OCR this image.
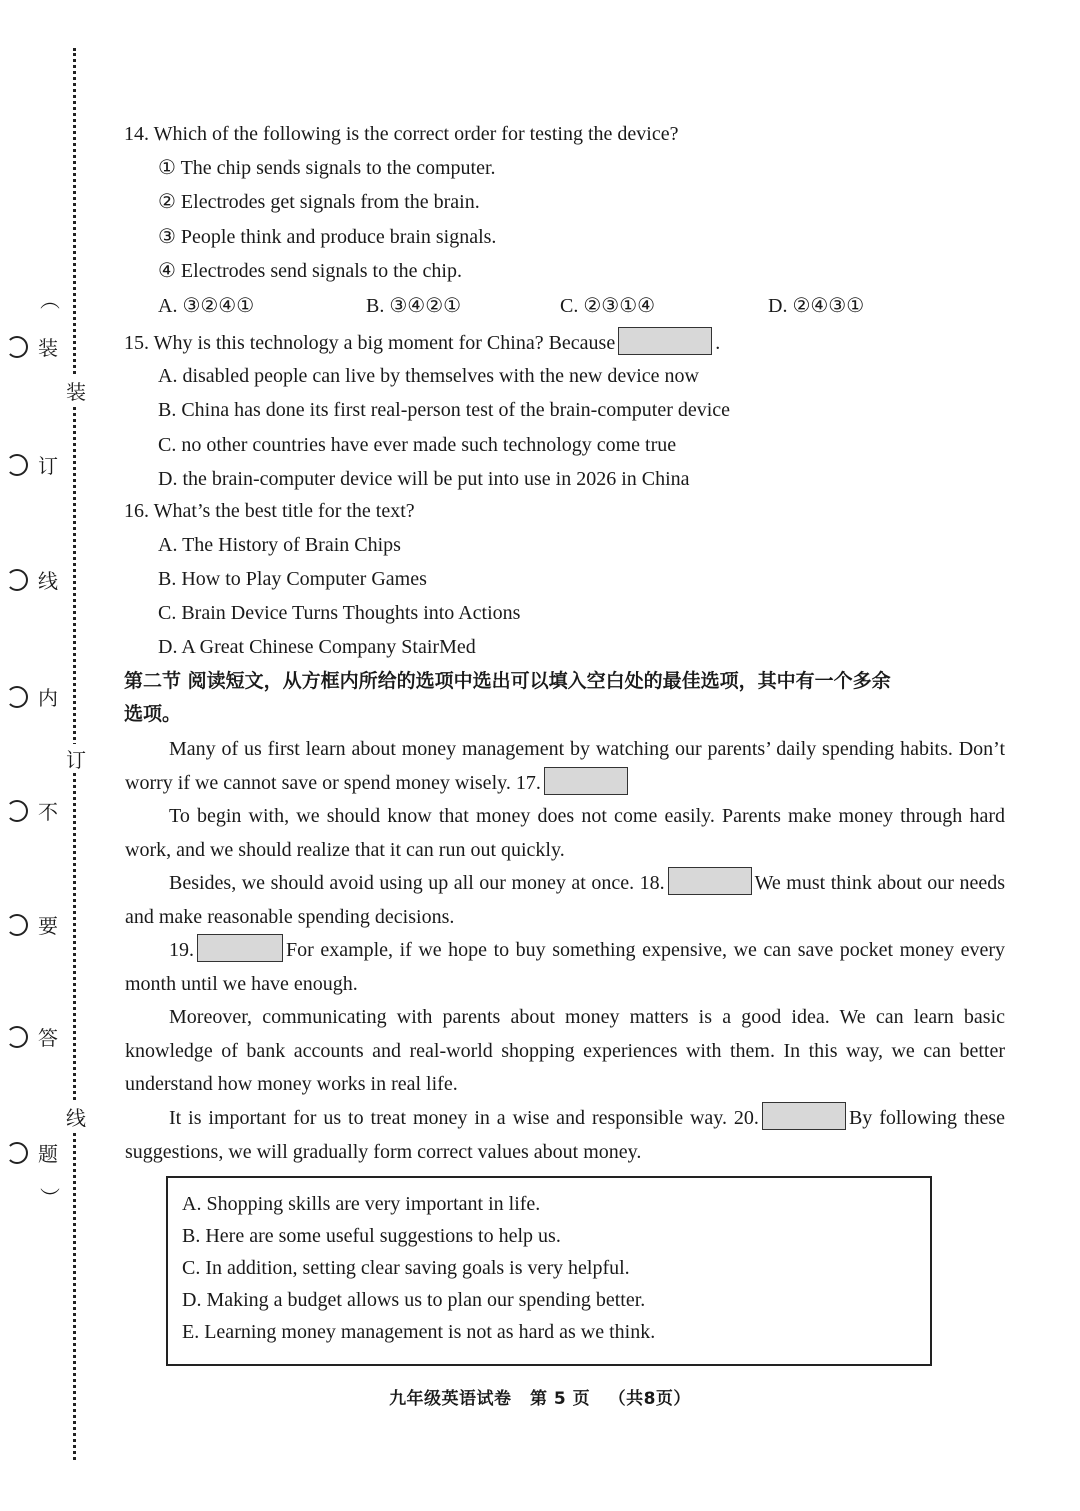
︵
装
订
线
内
不
要
答
题
︶
装
订
线
14. Which of the following is the correct order for testing the device?
① The chip sends signals to the computer.
② Electrodes get signals from the brain.
③ People think and produce brain signals.
④ Electrodes send signals to the chip.
A. ③②④①	B. ③④②①	C. ②③①④	D. ②④③①
15. Why is this technology a big moment for China? Because	.
A. disabled people can live by themselves with the new device now
B. China has done its first real-person test of the brain-computer device
C. no other countries have ever made such technology come true
D. the brain-computer device will be put into use in 2026 in China
16. What’s the best title for the text?
A. The History of Brain Chips
B. How to Play Computer Games
C. Brain Device Turns Thoughts into Actions
D. A Great Chinese Company StairMed
第二节 阅读短文，从方框内所给的选项中选出可以填入空白处的最佳选项，其中有一个多余
选项。
Many of us first learn about money management by watching our parents’ daily spending habits. Don’t worry if we cannot save or spend money wisely. 17.
To begin with, we should know that money does not come easily. Parents make money through hard work, and we should realize that it can run out quickly.
Besides, we should avoid using up all our money at once. 18.	We must think about our needs and make reasonable spending decisions.
19.	For example, if we hope to buy something expensive, we can save pocket money every month until we have enough.
Moreover, communicating with parents about money matters is a good idea. We can learn basic knowledge of bank accounts and real-world shopping experiences with them. In this way, we can better understand how money works in real life.
It is important for us to treat money in a wise and responsible way. 20.	By following these suggestions, we will gradually form correct values about money.
A. Shopping skills are very important in life.
B. Here are some useful suggestions to help us.
C. In addition, setting clear saving goals is very helpful.
D. Making a budget allows us to plan our spending better.
E. Learning money management is not as hard as we think.
九年级英语试卷 第 5 页 （共8页）
